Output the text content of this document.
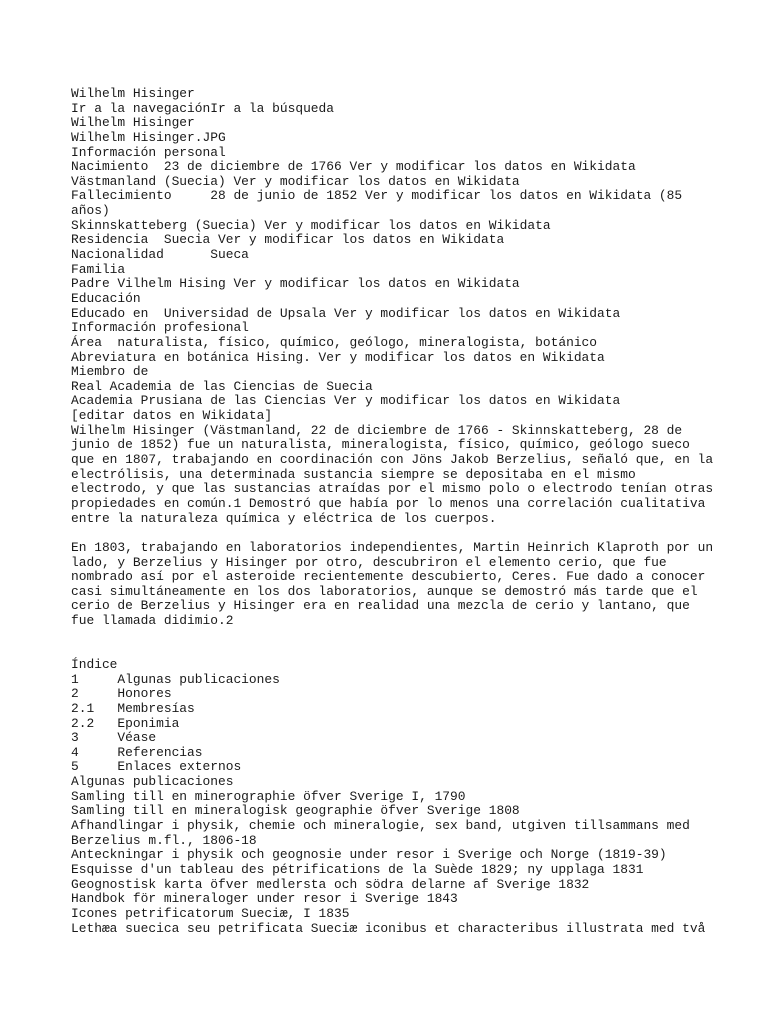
Wilhelm Hisinger
Ir a la navegaciónIr a la búsqueda
Wilhelm Hisinger
Wilhelm Hisinger.JPG
Información personal
Nacimiento  23 de diciembre de 1766 Ver y modificar los datos en Wikidata
Västmanland (Suecia) Ver y modificar los datos en Wikidata
Fallecimiento     28 de junio de 1852 Ver y modificar los datos en Wikidata (85
años)
Skinnskatteberg (Suecia) Ver y modificar los datos en Wikidata
Residencia  Suecia Ver y modificar los datos en Wikidata
Nacionalidad      Sueca
Familia
Padre Vilhelm Hising Ver y modificar los datos en Wikidata
Educación
Educado en  Universidad de Upsala Ver y modificar los datos en Wikidata
Información profesional
Área  naturalista, físico, químico, geólogo, mineralogista, botánico
Abreviatura en botánica Hising. Ver y modificar los datos en Wikidata
Miembro de
Real Academia de las Ciencias de Suecia
Academia Prusiana de las Ciencias Ver y modificar los datos en Wikidata
[editar datos en Wikidata]
Wilhelm Hisinger (Västmanland, 22 de diciembre de 1766 - Skinnskatteberg, 28 de
junio de 1852) fue un naturalista, mineralogista, físico, químico, geólogo sueco
que en 1807, trabajando en coordinación con Jöns Jakob Berzelius, señaló que, en la
electrólisis, una determinada sustancia siempre se depositaba en el mismo
electrodo, y que las sustancias atraídas por el mismo polo o electrodo tenían otras
propiedades en común.1 Demostró que había por lo menos una correlación cualitativa
entre la naturaleza química y eléctrica de los cuerpos.
En 1803, trabajando en laboratorios independientes, Martin Heinrich Klaproth por un
lado, y Berzelius y Hisinger por otro, descubriron el elemento cerio, que fue
nombrado así por el asteroide recientemente descubierto, Ceres. Fue dado a conocer
casi simultáneamente en los dos laboratorios, aunque se demostró más tarde que el
cerio de Berzelius y Hisinger era en realidad una mezcla de cerio y lantano, que
fue llamada didimio.2
Índice
1     Algunas publicaciones
2     Honores
2.1   Membresías
2.2   Eponimia
3     Véase
4     Referencias
5     Enlaces externos
Algunas publicaciones
Samling till en minerographie öfver Sverige I, 1790
Samling till en mineralogisk geographie öfver Sverige 1808
Afhandlingar i physik, chemie och mineralogie, sex band, utgiven tillsammans med
Berzelius m.fl., 1806-18
Anteckningar i physik och geognosie under resor i Sverige och Norge (1819-39)
Esquisse d'un tableau des pétrifications de la Suède 1829; ny upplaga 1831
Geognostisk karta öfver medlersta och södra delarne af Sverige 1832
Handbok för mineraloger under resor i Sverige 1843
Icones petrificatorum Sueciæ, I 1835
Lethæa suecica seu petrificata Sueciæ iconibus et characteribus illustrata med två
